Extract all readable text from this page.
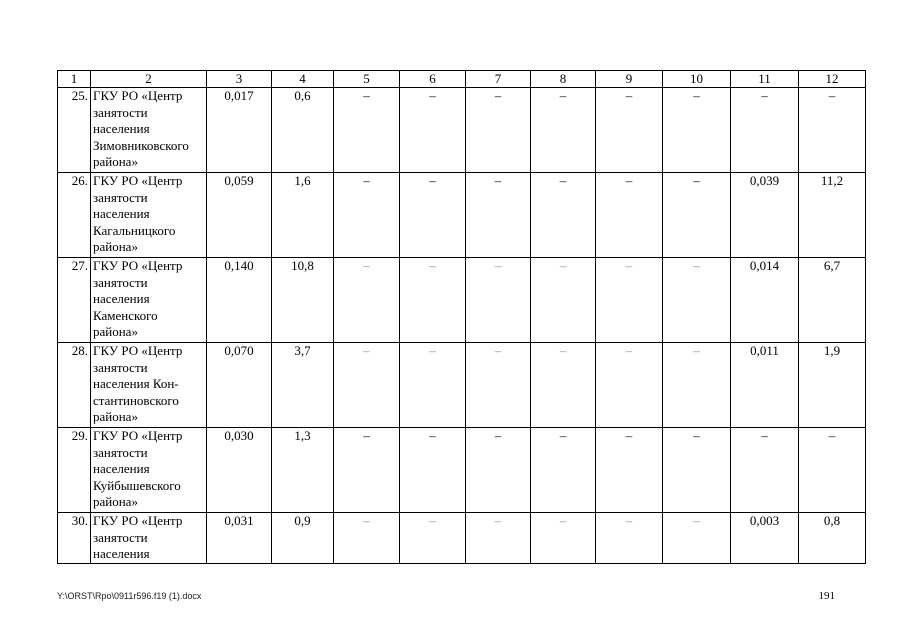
1	2	3	4	5	6	7	8	9	10	11	12
25.	ГКУ РО «Центр
занятости
населения
Зимовниковского
района»	0,017	0,6	–	–	–	–	–	–	–	–
26.	ГКУ РО «Центр
занятости
населения
Кагальницкого
района»	0,059	1,6	–	–	–	–	–	–	0,039	11,2
27.	ГКУ РО «Центр
занятости
населения
Каменского
района»	0,140	10,8	–	–	–	–	–	–	0,014	6,7
28.	ГКУ РО «Центр
занятости
населения Кон-
стантиновского
района»	0,070	3,7	–	–	–	–	–	–	0,011	1,9
29.	ГКУ РО «Центр
занятости
населения
Куйбышевского
района»	0,030	1,3	–	–	–	–	–	–	–	–
30.	ГКУ РО «Центр
занятости
населения	0,031	0,9	–	–	–	–	–	–	0,003	0,8
Y:\ORST\Rpo\0911r596.f19 (1).docx	191
